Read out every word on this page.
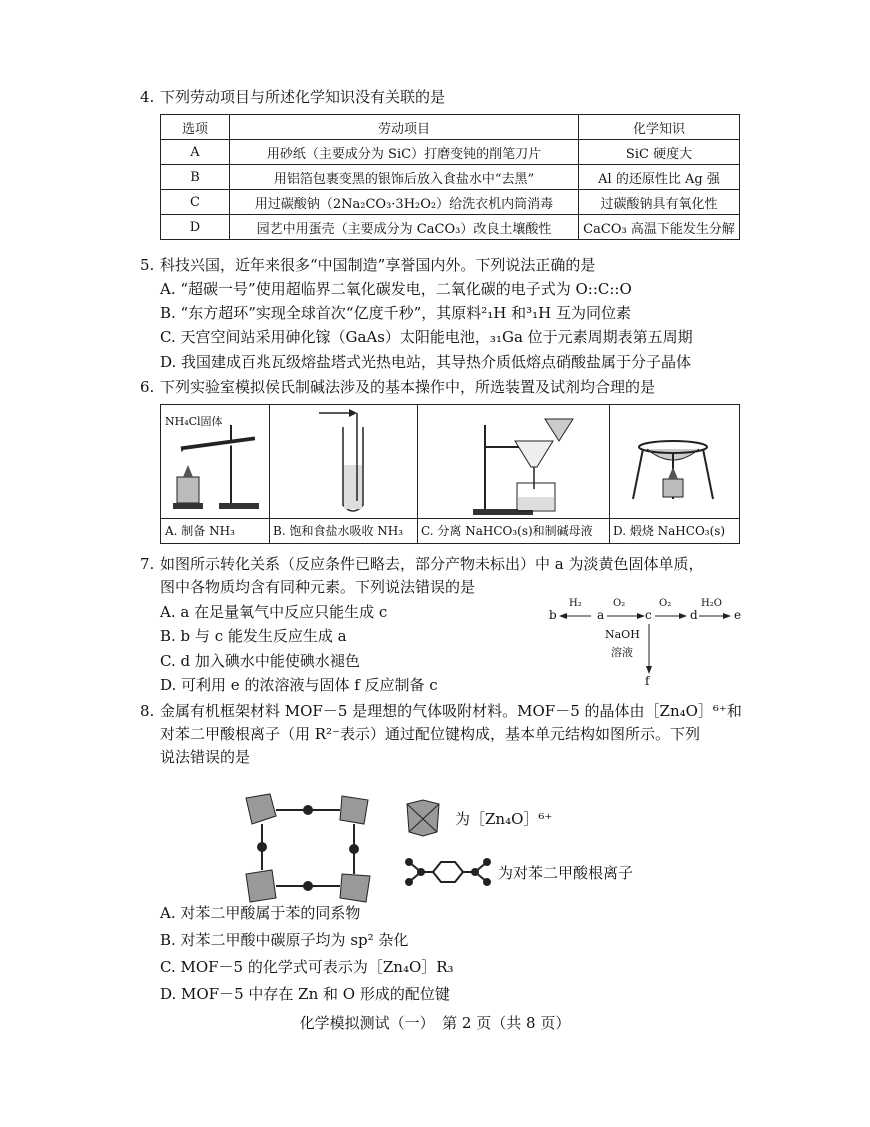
4. 下列劳动项目与所述化学知识没有关联的是
选项	劳动项目	化学知识
A	用砂纸（主要成分为 SiC）打磨变钝的削笔刀片	SiC 硬度大
B	用铝箔包裹变黑的银饰后放入食盐水中“去黑”	Al 的还原性比 Ag 强
C	用过碳酸钠（2Na₂CO₃·3H₂O₂）给洗衣机内筒消毒	过碳酸钠具有氧化性
D	园艺中用蛋壳（主要成分为 CaCO₃）改良土壤酸性	CaCO₃ 高温下能发生分解
5. 科技兴国，近年来很多“中国制造”享誉国内外。下列说法正确的是
A. “超碳一号”使用超临界二氧化碳发电，二氧化碳的电子式为 O::C::O
B. “东方超环”实现全球首次“亿度千秒”，其原料²₁H 和³₁H 互为同位素
C. 天宫空间站采用砷化镓（GaAs）太阳能电池，₃₁Ga 位于元素周期表第五周期
D. 我国建成百兆瓦级熔盐塔式光热电站，其导热介质低熔点硝酸盐属于分子晶体
6. 下列实验室模拟侯氏制碱法涉及的基本操作中，所选装置及试剂均合理的是
NH₄Cl固体
A. 制备 NH₃	B. 饱和食盐水吸收 NH₃	C. 分离 NaHCO₃(s)和制碱母液	D. 煅烧 NaHCO₃(s)
7. 如图所示转化关系（反应条件已略去，部分产物未标出）中 a 为淡黄色固体单质，
图中各物质均含有同种元素。下列说法错误的是
A. a 在足量氧气中反应只能生成 c
B. b 与 c 能发生反应生成 a
C. d 加入碘水中能使碘水褪色
D. 可利用 e 的浓溶液与固体 f 反应制备 c
b	a	c	d	e
f
H₂	O₂	O₂	H₂O
NaOH
溶液
8. 金属有机框架材料 MOF－5 是理想的气体吸附材料。MOF－5 的晶体由［Zn₄O］⁶⁺和
对苯二甲酸根离子（用 R²⁻表示）通过配位键构成，基本单元结构如图所示。下列
说法错误的是
为［Zn₄O］⁶⁺
为对苯二甲酸根离子
A. 对苯二甲酸属于苯的同系物
B. 对苯二甲酸中碳原子均为 sp² 杂化
C. MOF－5 的化学式可表示为［Zn₄O］R₃
D. MOF－5 中存在 Zn 和 O 形成的配位键
化学模拟测试（一）　第 2 页（共 8 页）
